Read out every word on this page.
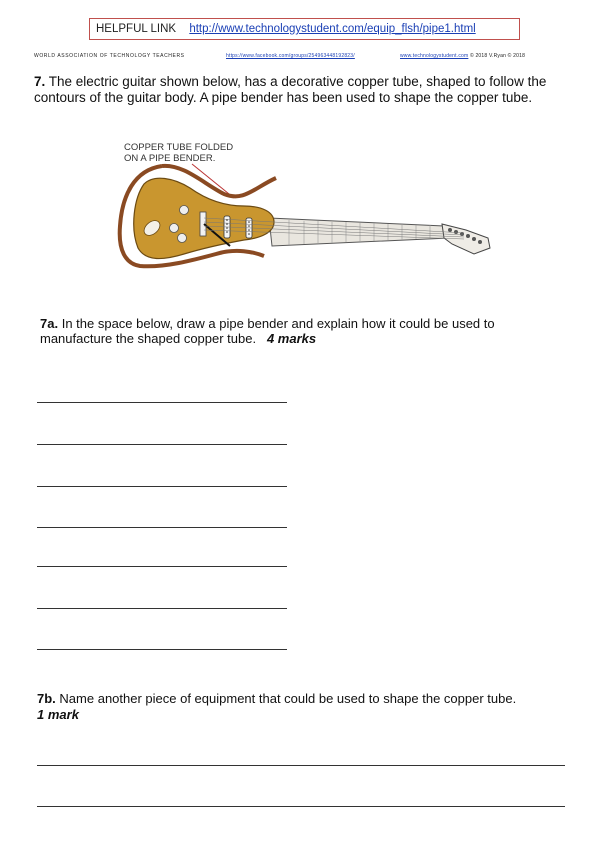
HELPFUL LINK http://www.technologystudent.com/equip_flsh/pipe1.html
WORLD ASSOCIATION OF TECHNOLOGY TEACHERS	https://www.facebook.com/groups/254963448192823/	www.technologystudent.com © 2018 V.Ryan © 2018
7. The electric guitar shown below, has a decorative copper tube, shaped to follow the contours of the guitar body. A pipe bender has been used to shape the copper tube.
COPPER TUBE FOLDED
ON A PIPE BENDER.
7a. In the space below, draw a pipe bender and explain how it could be used to manufacture the shaped copper tube. 4 marks
7b. Name another piece of equipment that could be used to shape the copper tube.
1 mark
